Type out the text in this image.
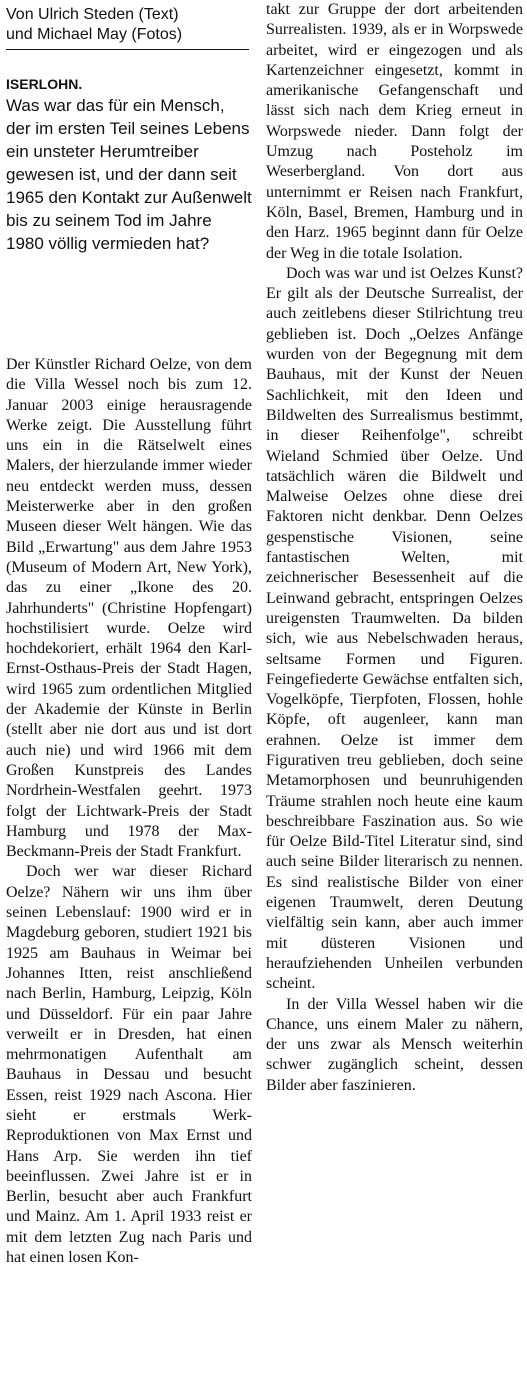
Von Ulrich Steden (Text)
und Michael May (Fotos)
ISERLOHN.
Was war das für ein Mensch, der im ersten Teil seines Lebens ein unsteter Herumtreiber gewesen ist, und der dann seit 1965 den Kontakt zur Außenwelt bis zu seinem Tod im Jahre 1980 völlig vermieden hat?

Der Künstler Richard Oelze, von dem die Villa Wessel noch bis zum 12. Januar 2003 einige herausragende Werke zeigt. Die Ausstellung führt uns ein in die Rätselwelt eines Malers, der hierzulande immer wieder neu entdeckt werden muss, dessen Meisterwerke aber in den großen Museen dieser Welt hängen. Wie das Bild „Erwartung" aus dem Jahre 1953 (Museum of Modern Art, New York), das zu einer „Ikone des 20. Jahrhunderts" (Christine Hopfengart) hochstilisiert wurde. Oelze wird hochdekoriert, erhält 1964 den Karl-Ernst-Osthaus-Preis der Stadt Hagen, wird 1965 zum ordentlichen Mitglied der Akademie der Künste in Berlin (stellt aber nie dort aus und ist dort auch nie) und wird 1966 mit dem Großen Kunstpreis des Landes Nordrhein-Westfalen geehrt. 1973 folgt der Lichtwark-Preis der Stadt Hamburg und 1978 der Max-Beckmann-Preis der Stadt Frankfurt.

Doch wer war dieser Richard Oelze? Nähern wir uns ihm über seinen Lebenslauf: 1900 wird er in Magdeburg geboren, studiert 1921 bis 1925 am Bauhaus in Weimar bei Johannes Itten, reist anschließend nach Berlin, Hamburg, Leipzig, Köln und Düsseldorf. Für ein paar Jahre verweilt er in Dresden, hat einen mehrmonatigen Aufenthalt am Bauhaus in Dessau und besucht Essen, reist 1929 nach Ascona. Hier sieht er erstmals Werk-Reproduktionen von Max Ernst und Hans Arp. Sie werden ihn tief beeinflussen. Zwei Jahre ist er in Berlin, besucht aber auch Frankfurt und Mainz. Am 1. April 1933 reist er mit dem letzten Zug nach Paris und hat einen losen Kon-

takt zur Gruppe der dort arbeitenden Surrealisten. 1939, als er in Worpswede arbeitet, wird er eingezogen und als Kartenzeichner eingesetzt, kommt in amerikanische Gefangenschaft und lässt sich nach dem Krieg erneut in Worpswede nieder. Dann folgt der Umzug nach Posteholz im Weserbergland. Von dort aus unternimmt er Reisen nach Frankfurt, Köln, Basel, Bremen, Hamburg und in den Harz. 1965 beginnt dann für Oelze der Weg in die totale Isolation.

Doch was war und ist Oelzes Kunst? Er gilt als der Deutsche Surrealist, der auch zeitlebens dieser Stilrichtung treu geblieben ist. Doch „Oelzes Anfänge wurden von der Begegnung mit dem Bauhaus, mit der Kunst der Neuen Sachlichkeit, mit den Ideen und Bildwelten des Surrealismus bestimmt, in dieser Reihenfolge", schreibt Wieland Schmied über Oelze. Und tatsächlich wären die Bildwelt und Malweise Oelzes ohne diese drei Faktoren nicht denkbar. Denn Oelzes gespenstische Visionen, seine fantastischen Welten, mit zeichnerischer Besessenheit auf die Leinwand gebracht, entspringen Oelzes ureigensten Traumwelten. Da bilden sich, wie aus Nebelschwaden heraus, seltsame Formen und Figuren. Feingefiederte Gewächse entfalten sich, Vogelköpfe, Tierpfoten, Flossen, hohle Köpfe, oft augenleer, kann man erahnen. Oelze ist immer dem Figurativen treu geblieben, doch seine Metamorphosen und beunruhigenden Träume strahlen noch heute eine kaum beschreibbare Faszination aus. So wie für Oelze Bild-Titel Literatur sind, sind auch seine Bilder literarisch zu nennen. Es sind realistische Bilder von einer eigenen Traumwelt, deren Deutung vielfältig sein kann, aber auch immer mit düsteren Visionen und heraufziehenden Unheilen verbunden scheint.

In der Villa Wessel haben wir die Chance, uns einem Maler zu nähern, der uns zwar als Mensch weiterhin schwer zugänglich scheint, dessen Bilder aber faszinieren.
